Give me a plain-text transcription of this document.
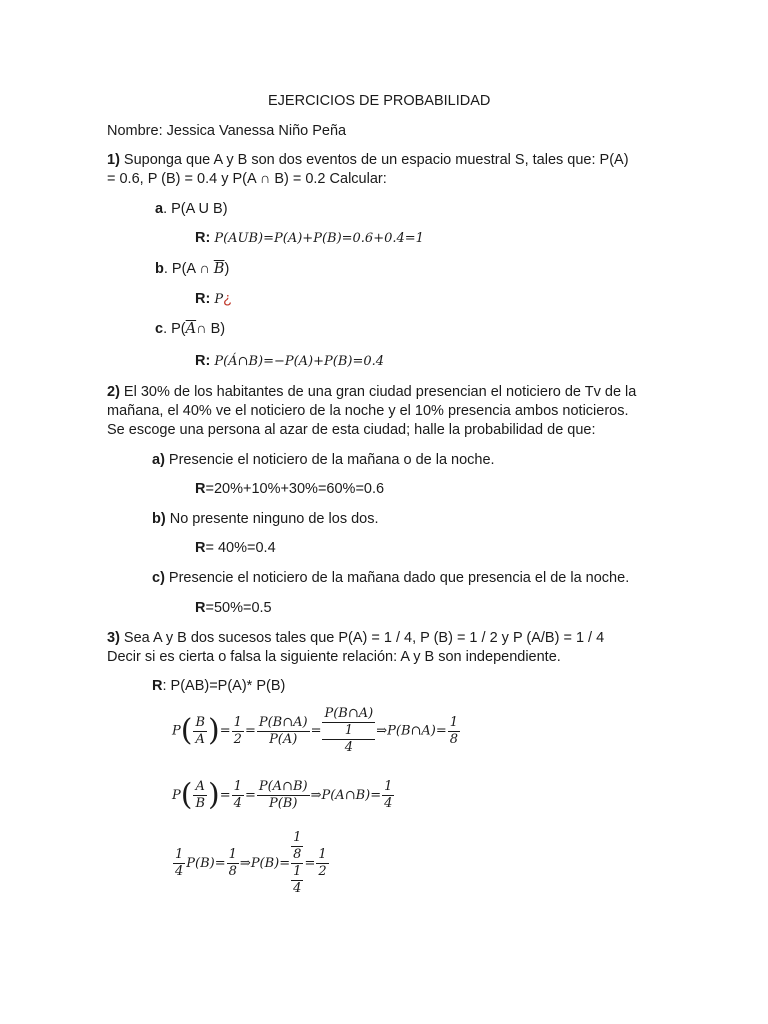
EJERCICIOS DE PROBABILIDAD
Nombre: Jessica Vanessa Niño Peña
1) Suponga que A y B son dos eventos de un espacio muestral S, tales que: P(A)
= 0.6, P (B) = 0.4 y P(A ∩ B) = 0.2 Calcular:
a. P(A U B)
R: P(AUB)=P(A)+P(B)=0.6+0.4=1
b. P(A ∩ $\overline{B}$)
R: P¿
c. $P(\overline{A}\cap$ B)
R: P(Á∩B)=−P(A)+P(B)=0.4
2) El 30% de los habitantes de una gran ciudad presencian el noticiero de Tv de la
mañana, el 40% ve el noticiero de la noche y el 10% presencia ambos noticieros.
Se escoge una persona al azar de esta ciudad; halle la probabilidad de que:
a) Presencie el noticiero de la mañana o de la noche.
R=20%+10%+30%=60%=0.6
b) No presente ninguno de los dos.
R= 40%=0.4
c) Presencie el noticiero de la mañana dado que presencia el de la noche.
R=50%=0.5
3) Sea A y B dos sucesos tales que P(A) = 1 / 4, P (B) = 1 / 2 y P (A/B) = 1 / 4
Decir si es cierta o falsa la siguiente relación: A y B son independiente.
R: P(AB)=P(A)* P(B)
$P( \frac{B}{A}$ )= $\frac{1}{2} = \frac{P(B\cap A)}{P(A)}$ =
P(B∩A)
1
4
⇒P(B∩A)= $\frac{1}{8}$
$P( \frac{A}{B}$ )= $\frac{1}{4} = \frac{P(A\cap B)}{P(B)}$ ⇒P(A∩B)= $\frac{1}{4}$
$\frac{1}{4} P(B)= \frac{1}{8}$ ⇒P(B)=
1
8
1
4
= $\frac{1}{2}$
